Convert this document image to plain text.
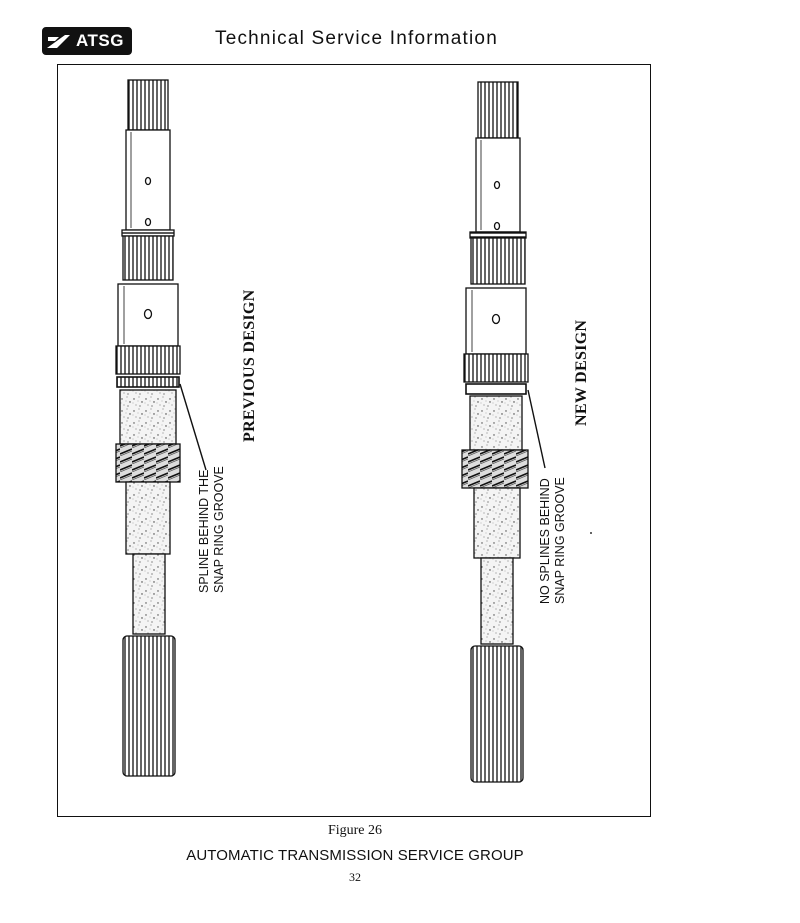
ATSG	Technical Service Information
PREVIOUS DESIGN	NEW DESIGN
SPLINE BEHIND THE SNAP RING GROOVE	NO SPLINES BEHIND SNAP RING GROOVE
Figure 26
AUTOMATIC TRANSMISSION SERVICE GROUP
32
